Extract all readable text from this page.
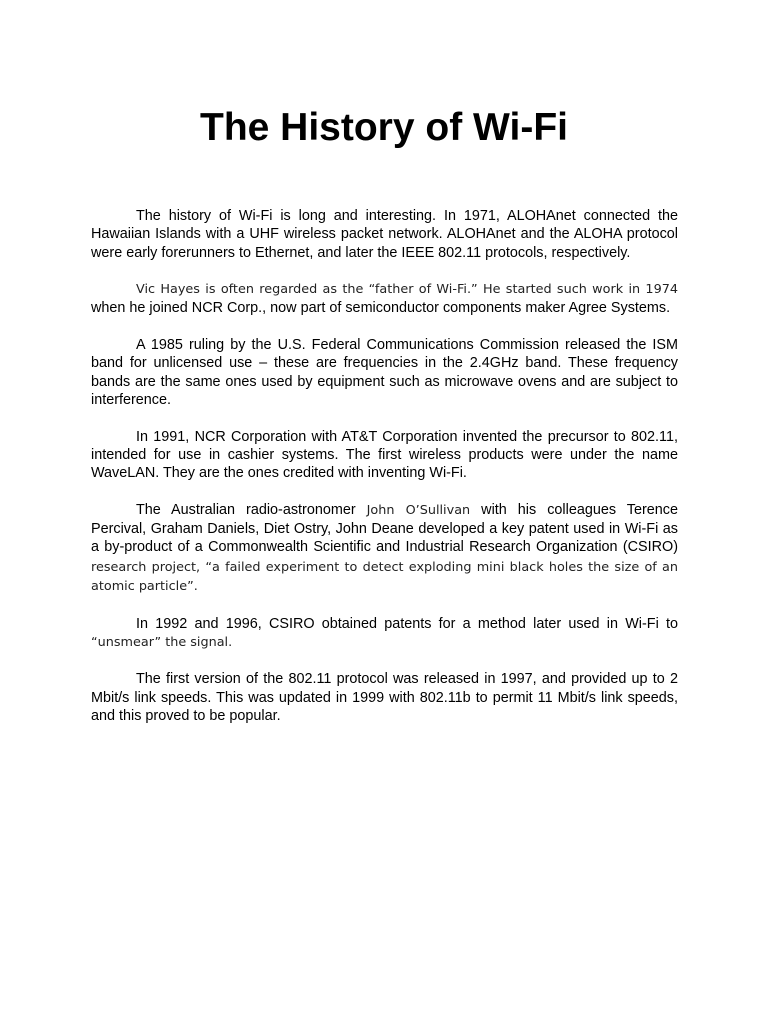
The History of Wi-Fi

The history of Wi-Fi is long and interesting. In 1971, ALOHAnet connected the Hawaiian Islands with a UHF wireless packet network. ALOHAnet and the ALOHA protocol were early forerunners to Ethernet, and later the IEEE 802.11 protocols, respectively.

Vic Hayes is often regarded as the “father of Wi-Fi.” He started such work in 1974 when he joined NCR Corp., now part of semiconductor components maker Agree Systems.

A 1985 ruling by the U.S. Federal Communications Commission released the ISM band for unlicensed use – these are frequencies in the 2.4GHz band. These frequency bands are the same ones used by equipment such as microwave ovens and are subject to interference.

In 1991, NCR Corporation with AT&T Corporation invented the precursor to 802.11, intended for use in cashier systems. The first wireless products were under the name WaveLAN. They are the ones credited with inventing Wi-Fi.

The Australian radio-astronomer John O’Sullivan with his colleagues Terence Percival, Graham Daniels, Diet Ostry, John Deane developed a key patent used in Wi-Fi as a by-product of a Commonwealth Scientific and Industrial Research Organization (CSIRO) research project, “a failed experiment to detect exploding mini black holes the size of an atomic particle”.

In 1992 and 1996, CSIRO obtained patents for a method later used in Wi-Fi to “unsmear” the signal.

The first version of the 802.11 protocol was released in 1997, and provided up to 2 Mbit/s link speeds. This was updated in 1999 with 802.11b to permit 11 Mbit/s link speeds, and this proved to be popular.
